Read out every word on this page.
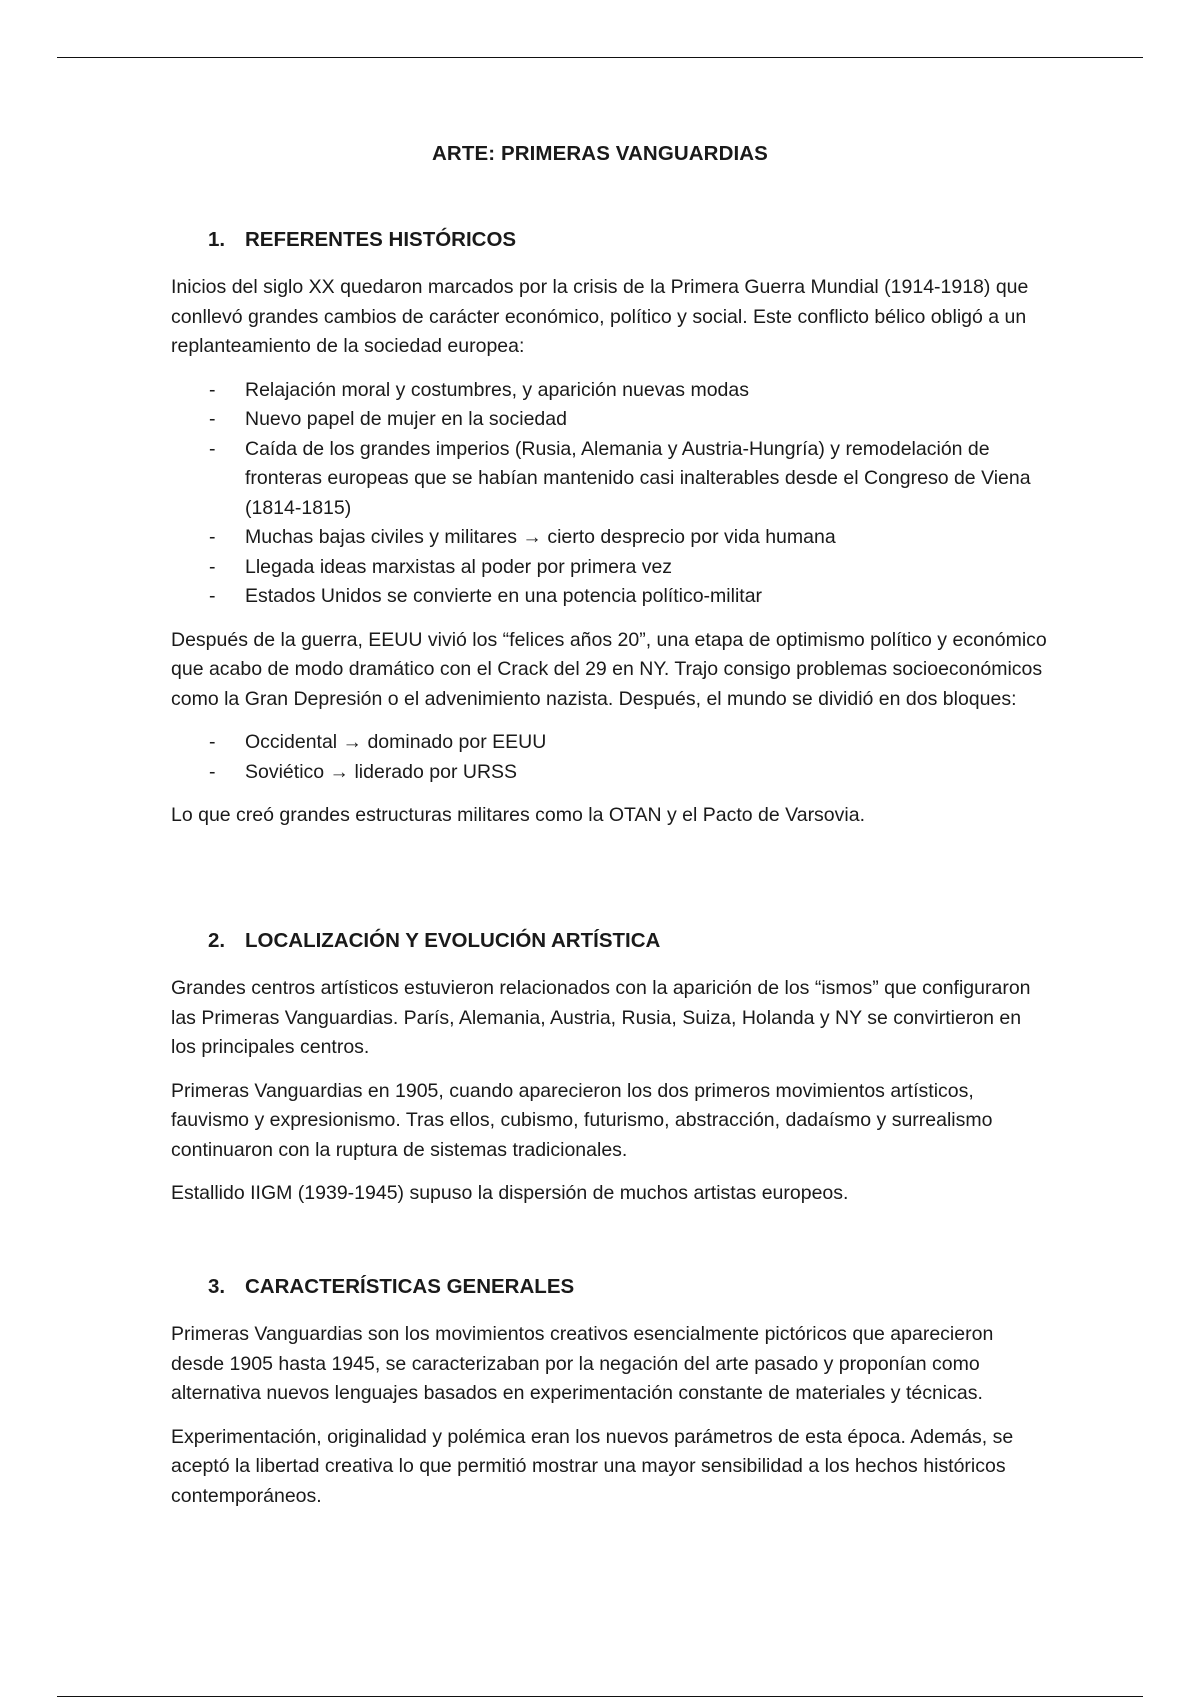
ARTE: PRIMERAS VANGUARDIAS
1. REFERENTES HISTÓRICOS

Inicios del siglo XX quedaron marcados por la crisis de la Primera Guerra Mundial (1914-1918) que conllevó grandes cambios de carácter económico, político y social. Este conflicto bélico obligó a un replanteamiento de la sociedad europea:

- Relajación moral y costumbres, y aparición nuevas modas
- Nuevo papel de mujer en la sociedad
- Caída de los grandes imperios (Rusia, Alemania y Austria-Hungría) y remodelación de fronteras europeas que se habían mantenido casi inalterables desde el Congreso de Viena (1814-1815)
- Muchas bajas civiles y militares → cierto desprecio por vida humana
- Llegada ideas marxistas al poder por primera vez
- Estados Unidos se convierte en una potencia político-militar

Después de la guerra, EEUU vivió los “felices años 20”, una etapa de optimismo político y económico que acabo de modo dramático con el Crack del 29 en NY. Trajo consigo problemas socioeconómicos como la Gran Depresión o el advenimiento nazista. Después, el mundo se dividió en dos bloques:

- Occidental → dominado por EEUU
- Soviético → liderado por URSS

Lo que creó grandes estructuras militares como la OTAN y el Pacto de Varsovia.

2. LOCALIZACIÓN Y EVOLUCIÓN ARTÍSTICA

Grandes centros artísticos estuvieron relacionados con la aparición de los “ismos” que configuraron las Primeras Vanguardias. París, Alemania, Austria, Rusia, Suiza, Holanda y NY se convirtieron en los principales centros.

Primeras Vanguardias en 1905, cuando aparecieron los dos primeros movimientos artísticos, fauvismo y expresionismo. Tras ellos, cubismo, futurismo, abstracción, dadaísmo y surrealismo continuaron con la ruptura de sistemas tradicionales.

Estallido IIGM (1939-1945) supuso la dispersión de muchos artistas europeos.

3. CARACTERÍSTICAS GENERALES

Primeras Vanguardias son los movimientos creativos esencialmente pictóricos que aparecieron desde 1905 hasta 1945, se caracterizaban por la negación del arte pasado y proponían como alternativa nuevos lenguajes basados en experimentación constante de materiales y técnicas.

Experimentación, originalidad y polémica eran los nuevos parámetros de esta época. Además, se aceptó la libertad creativa lo que permitió mostrar una mayor sensibilidad a los hechos históricos contemporáneos.
